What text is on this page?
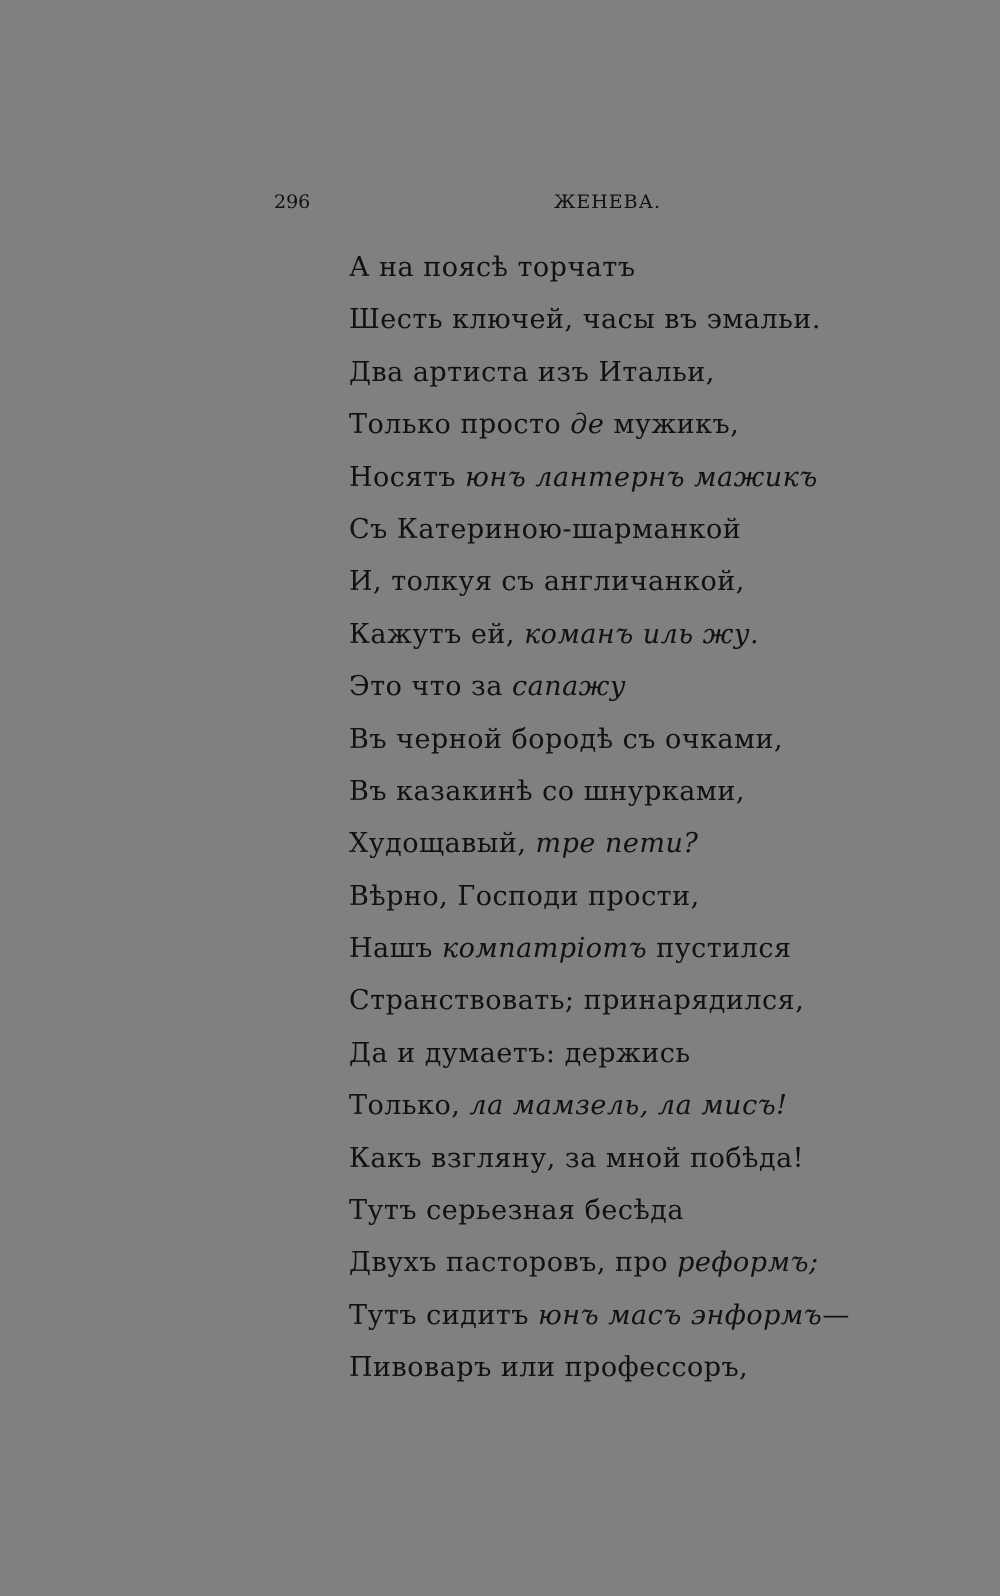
296	ЖЕНЕВА.
А на поясѣ торчатъ
Шесть ключей, часы въ эмальи.
Два артиста изъ Итальи,
Только просто де мужикъ,
Носятъ юнъ лантернъ мажикъ
Съ Катериною-шарманкой
И, толкуя съ англичанкой,
Кажутъ ей, команъ иль жу.
Это что за сапажу
Въ черной бородѣ съ очками,
Въ казакинѣ со шнурками,
Худощавый, тре пети?
Вѣрно, Господи прости,
Нашъ компатріотъ пустился
Странствовать; принарядился,
Да и думаетъ: держись
Только, ла мамзель, ла мисъ!
Какъ взгляну, за мной побѣда!
Тутъ серьезная бесѣда
Двухъ пасторовъ, про реформъ;
Тутъ сидитъ юнъ масъ энформъ—
Пивоваръ или профессоръ,
